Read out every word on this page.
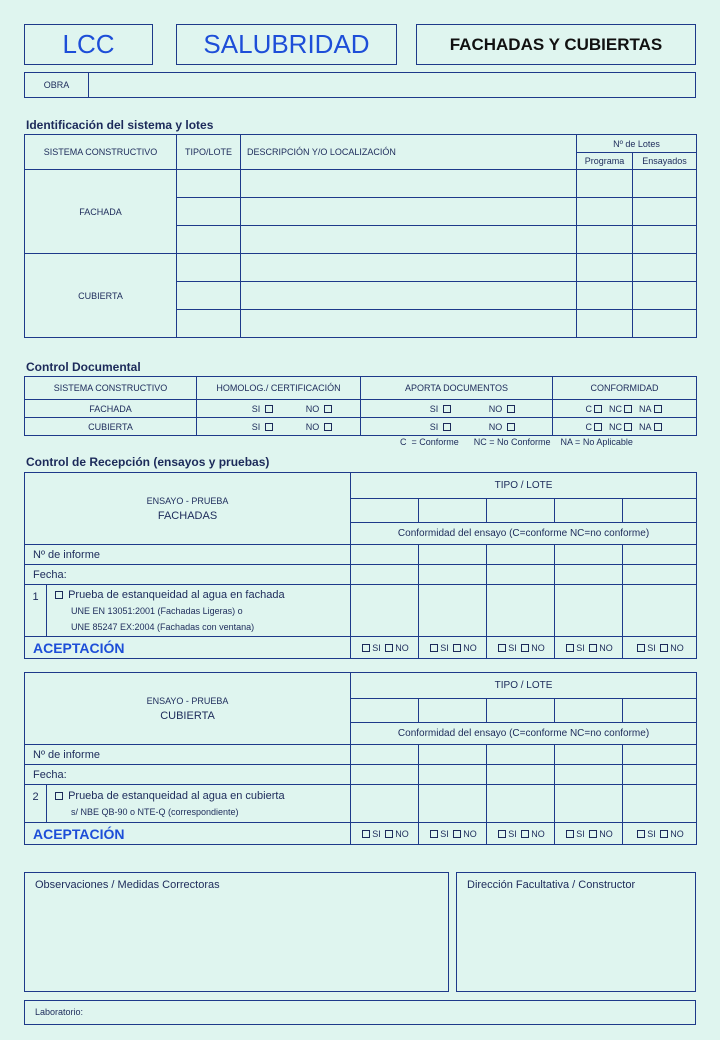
LCC	SALUBRIDAD	FACHADAS Y CUBIERTAS
OBRA	
Identificación del sistema y lotes
SISTEMA CONSTRUCTIVO	TIPO/LOTE	DESCRIPCIÓN Y/O LOCALIZACIÓN	Nº de Lotes	
			Programa	Ensayados
FACHADA				

CUBIERTA				

Control Documental
SISTEMA CONSTRUCTIVO	HOMOLOG./ CERTIFICACIÓN	APORTA DOCUMENTOS	CONFORMIDAD
FACHADA	SI NO	SI NO	C NC NA
CUBIERTA	SI NO	SI NO	C NC NA
C  = Conforme      NC = No Conforme    NA = No Aplicable
Control de Recepción (ensayos y pruebas)
ENSAYO - PRUEBA
FACHADAS		TIPO / LOTE				

		Conformidad del ensayo (C=conforme NC=no conforme)				
Nº de informe						
Fecha:						
1	Prueba de estanqueidad al agua en fachada
UNE EN 13051:2001 (Fachadas Ligeras) o
UNE 85247 EX:2004 (Fachadas con ventana)					

ACEPTACIÓN		SI NO	SI NO	SI NO	SI NO	SI NO
ENSAYO - PRUEBA
CUBIERTA		TIPO / LOTE				

		Conformidad del ensayo (C=conforme NC=no conforme)				
Nº de informe						
Fecha:						
2	Prueba de estanqueidad al agua en cubierta
s/ NBE QB-90 o NTE-Q (correspondiente)					

ACEPTACIÓN		SI NO	SI NO	SI NO	SI NO	SI NO
Observaciones / Medidas Correctoras	Dirección Facultativa / Constructor
Laboratorio:
